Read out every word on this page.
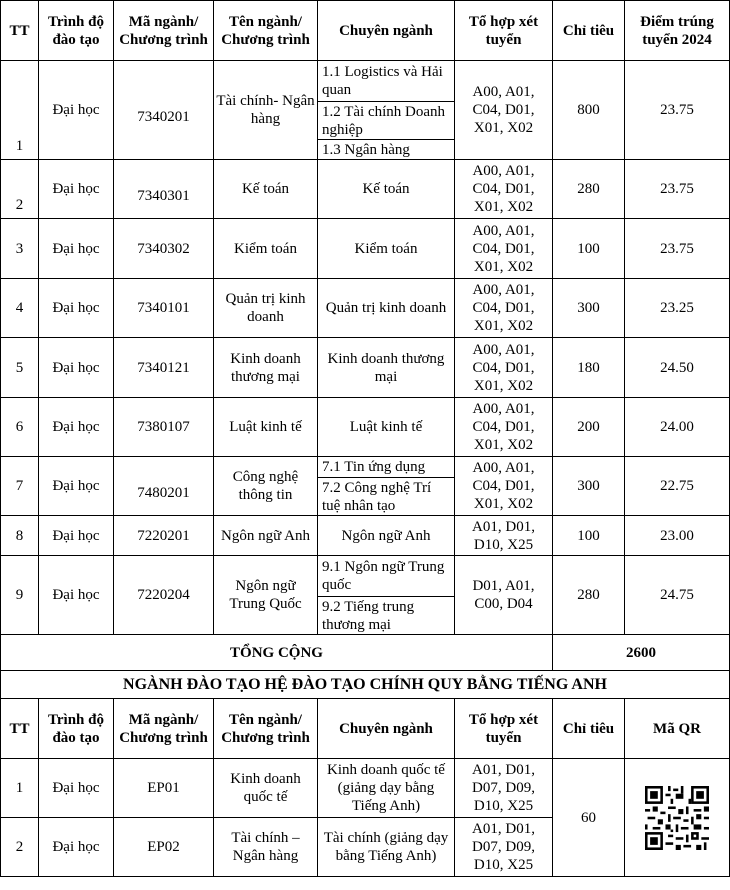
TT	Trình độ đào tạo	Mã ngành/ Chương trình	Tên ngành/ Chương trình	Chuyên ngành	Tổ hợp xét tuyển	Chỉ tiêu	Điểm trúng tuyển 2024
1	Đại học	7340201	Tài chính- Ngân hàng	1.1 Logistics và Hải quan	A00, A01, C04, D01, X01, X02	800	23.75
				1.2 Tài chính Doanh nghiệp			
				1.3 Ngân hàng			
2	Đại học	7340301	Kế toán	Kế toán	A00, A01, C04, D01, X01, X02	280	23.75
3	Đại học	7340302	Kiểm toán	Kiểm toán	A00, A01, C04, D01, X01, X02	100	23.75
4	Đại học	7340101	Quản trị kinh doanh	Quản trị kinh doanh	A00, A01, C04, D01, X01, X02	300	23.25
5	Đại học	7340121	Kinh doanh thương mại	Kinh doanh thương mại	A00, A01, C04, D01, X01, X02	180	24.50
6	Đại học	7380107	Luật kinh tế	Luật kinh tế	A00, A01, C04, D01, X01, X02	200	24.00
7	Đại học	7480201	Công nghệ thông tin	7.1 Tin ứng dụng	A00, A01, C04, D01, X01, X02	300	22.75
				7.2 Công nghệ Trí tuệ nhân tạo			
8	Đại học	7220201	Ngôn ngữ Anh	Ngôn ngữ Anh	A01, D01, D10, X25	100	23.00
9	Đại học	7220204	Ngôn ngữ Trung Quốc	9.1 Ngôn ngữ Trung quốc	D01, A01, C00, D04	280	24.75
				9.2 Tiếng trung thương mại			
TỔNG CỘNG						2600	
NGÀNH ĐÀO TẠO HỆ ĐÀO TẠO CHÍNH QUY BẰNG TIẾNG ANH							
TT	Trình độ đào tạo	Mã ngành/ Chương trình	Tên ngành/ Chương trình	Chuyên ngành	Tổ hợp xét tuyển	Chỉ tiêu	Mã QR
1	Đại học	EP01	Kinh doanh quốc tế	Kinh doanh quốc tế (giảng dạy bằng Tiếng Anh)	A01, D01, D07, D09, D10, X25	60	

2	Đại học	EP02	Tài chính – Ngân hàng	Tài chính (giảng dạy bằng Tiếng Anh)	A01, D01, D07, D09, D10, X25		
